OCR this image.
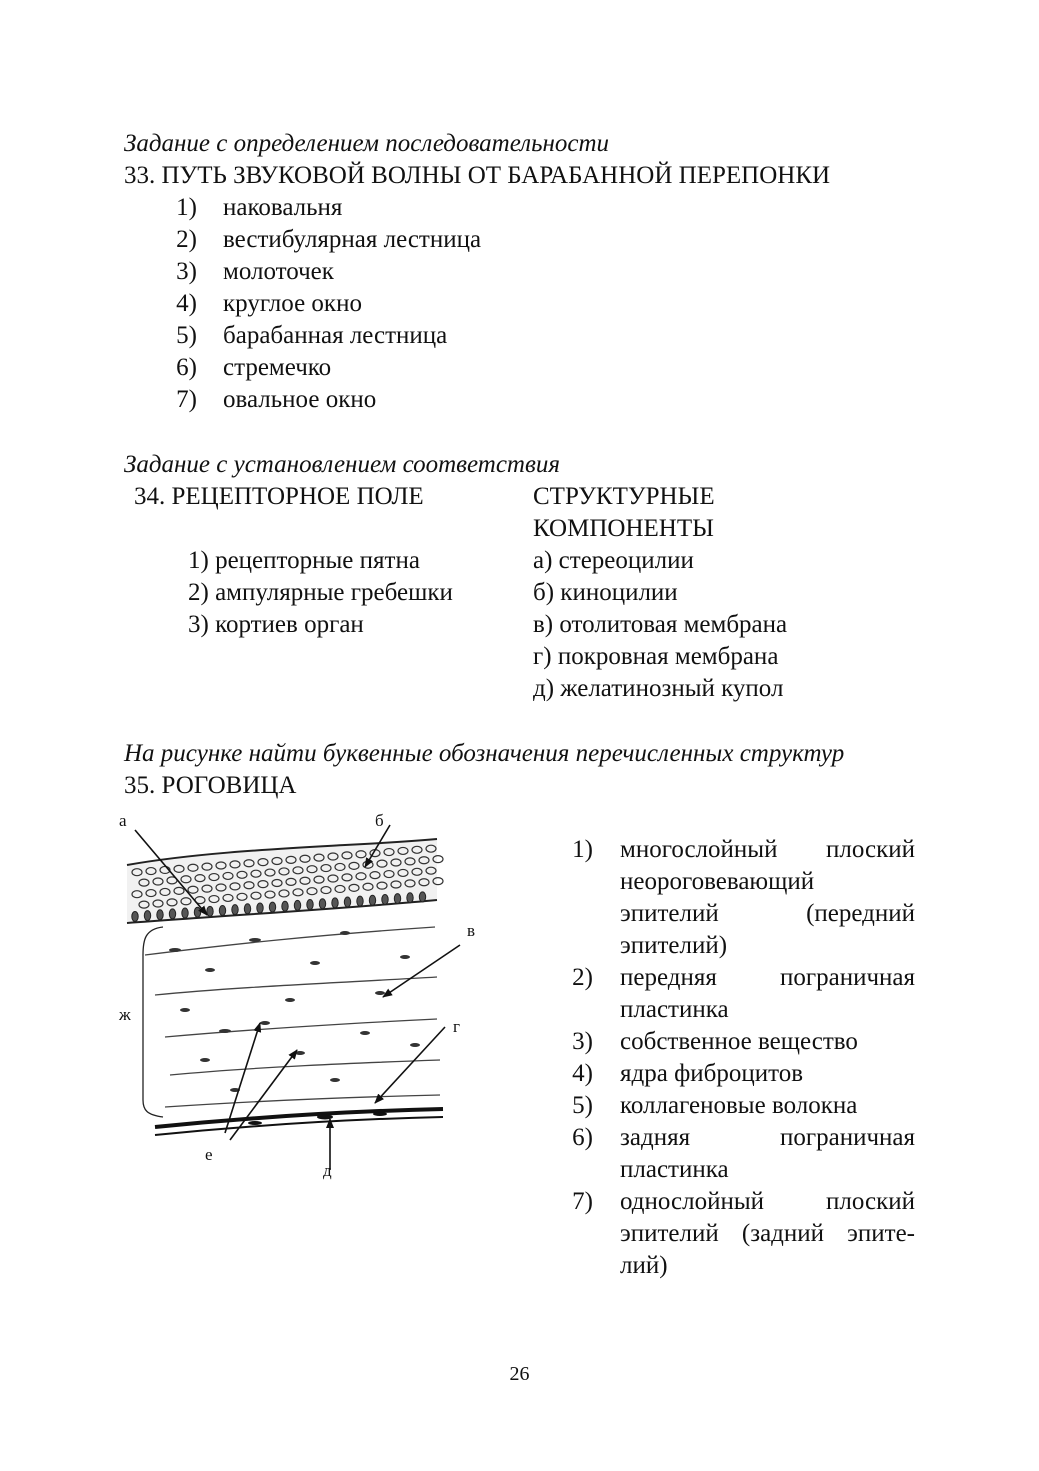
Задание с определением последовательности
33. ПУТЬ ЗВУКОВОЙ ВОЛНЫ ОТ БАРАБАННОЙ ПЕРЕПОНКИ
1) наковальня
2) вестибулярная лестница
3) молоточек
4) круглое окно
5) барабанная лестница
6) стремечко
7) овальное окно
Задание с установлением соответствия
34. РЕЦЕПТОРНОЕ ПОЛЕ	СТРУКТУРНЫЕ
КОМПОНЕНТЫ
1) рецепторные пятна
2) ампулярные гребешки
3) кортиев орган
а) стереоцилии
б) киноцилии
в) отолитовая мембрана
г) покровная мембрана
д) желатинозный купол
На рисунке найти буквенные обозначения перечисленных структур
35. РОГОВИЦА
а	б
в
г
ж
е
д
1) многослойный плоский
неороговевающий
эпителий (передний
эпителий)
2) передняя пограничная
пластинка
3) собственное вещество
4) ядра фиброцитов
5) коллагеновые волокна
6) задняя пограничная
пластинка
7) однослойный плоский
эпителий (задний эпите-
лий)
26
